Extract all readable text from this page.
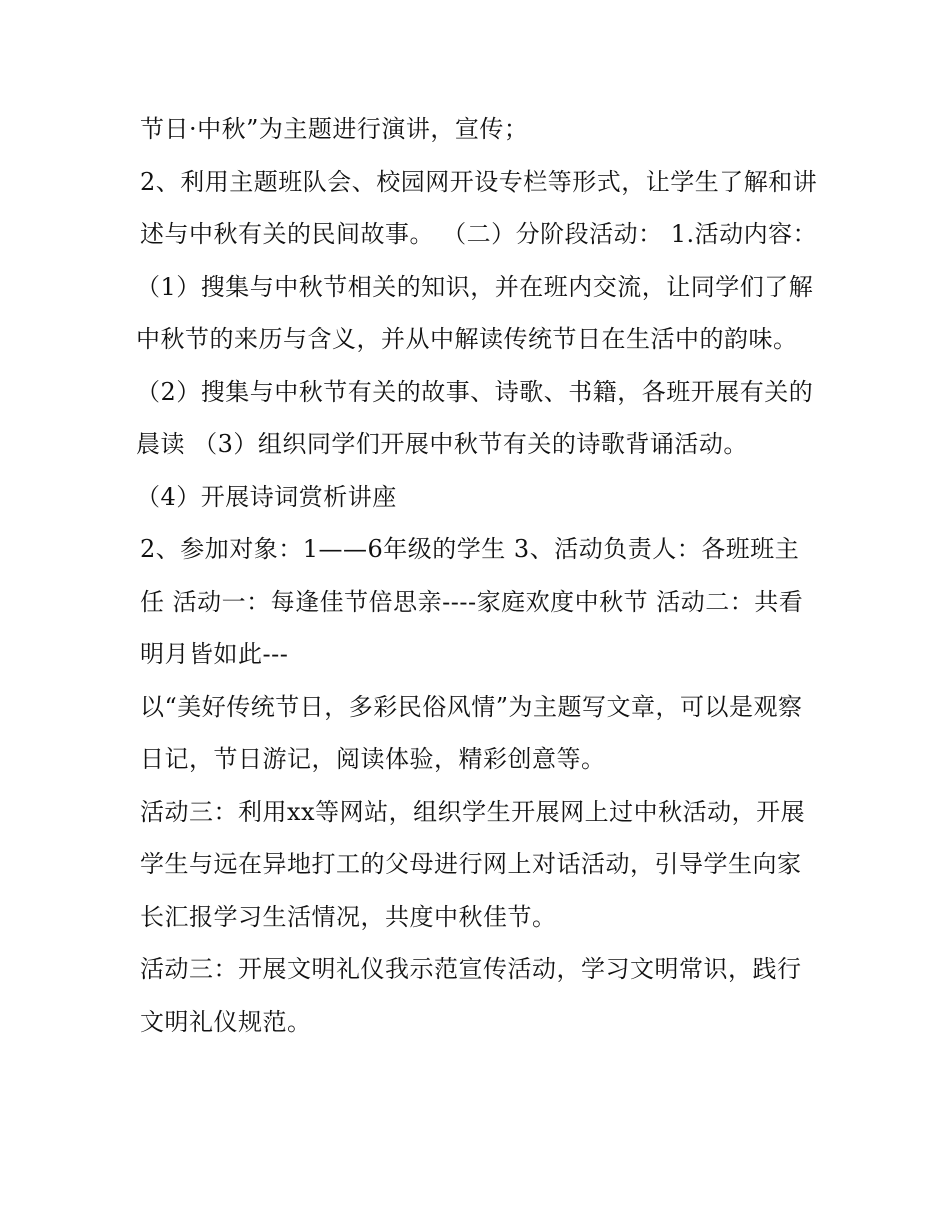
节日·中秋”为主题进行演讲，宣传；

2、利用主题班队会、校园网开设专栏等形式，让学生了解和讲述与中秋有关的民间故事。 （二）分阶段活动： 1.活动内容：

（1）搜集与中秋节相关的知识，并在班内交流，让同学们了解中秋节的来历与含义，并从中解读传统节日在生活中的韵味。

（2）搜集与中秋节有关的故事、诗歌、书籍，各班开展有关的晨读 （3）组织同学们开展中秋节有关的诗歌背诵活动。

（4）开展诗词赏析讲座

2、参加对象：1——6年级的学生 3、活动负责人：各班班主任 活动一：每逢佳节倍思亲----家庭欢度中秋节 活动二：共看明月皆如此---

以“美好传统节日，多彩民俗风情”为主题写文章，可以是观察日记，节日游记，阅读体验，精彩创意等。

活动三：利用xx等网站，组织学生开展网上过中秋活动，开展学生与远在异地打工的父母进行网上对话活动，引导学生向家长汇报学习生活情况，共度中秋佳节。

活动三：开展文明礼仪我示范宣传活动，学习文明常识，践行文明礼仪规范。
